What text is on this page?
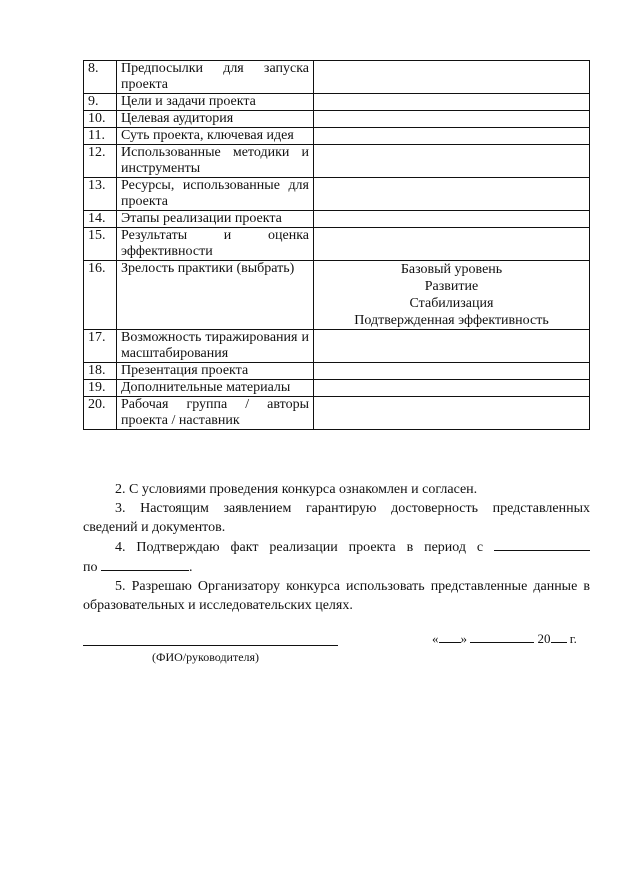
8.	Предпосылки для запуска проекта	
9.	Цели и задачи проекта	
10.	Целевая аудитория	
11.	Суть проекта, ключевая идея	
12.	Использованные методики и инструменты	
13.	Ресурсы, использованные для проекта	
14.	Этапы реализации проекта	
15.	Результаты и оценка эффективности	
16.	Зрелость практики (выбрать)	Базовый уровень
Развитие
Стабилизация
Подтвержденная эффективность

17.	Возможность тиражирования и масштабирования	
18.	Презентация проекта	
19.	Дополнительные материалы	
20.	Рабочая группа / авторы проекта / наставник	

2. С условиями проведения конкурса ознакомлен и согласен.

3. Настоящим заявлением гарантирую достоверность представленных сведений и документов.

4. Подтверждаю факт реализации проекта в период с

по	.

5. Разрешаю Организатору конкурса использовать представленные данные в образовательных и исследовательских целях.

(ФИО/руководителя)
« »	20 г.
